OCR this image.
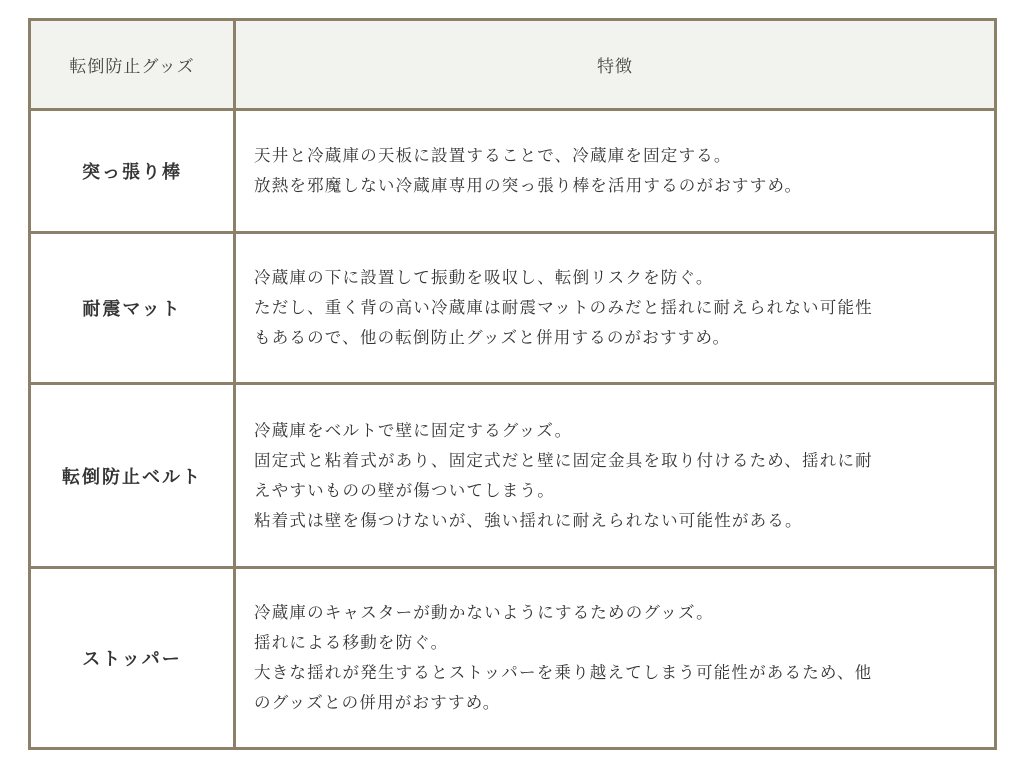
転倒防止グッズ	特徴
突っ張り棒	天井と冷蔵庫の天板に設置することで、冷蔵庫を固定する。
放熱を邪魔しない冷蔵庫専用の突っ張り棒を活用するのがおすすめ。

耐震マット	冷蔵庫の下に設置して振動を吸収し、転倒リスクを防ぐ。
ただし、重く背の高い冷蔵庫は耐震マットのみだと揺れに耐えられない可能性
もあるので、他の転倒防止グッズと併用するのがおすすめ。

転倒防止ベルト	冷蔵庫をベルトで壁に固定するグッズ。
固定式と粘着式があり、固定式だと壁に固定金具を取り付けるため、揺れに耐
えやすいものの壁が傷ついてしまう。
粘着式は壁を傷つけないが、強い揺れに耐えられない可能性がある。

ストッパー	冷蔵庫のキャスターが動かないようにするためのグッズ。
揺れによる移動を防ぐ。
大きな揺れが発生するとストッパーを乗り越えてしまう可能性があるため、他
のグッズとの併用がおすすめ。
